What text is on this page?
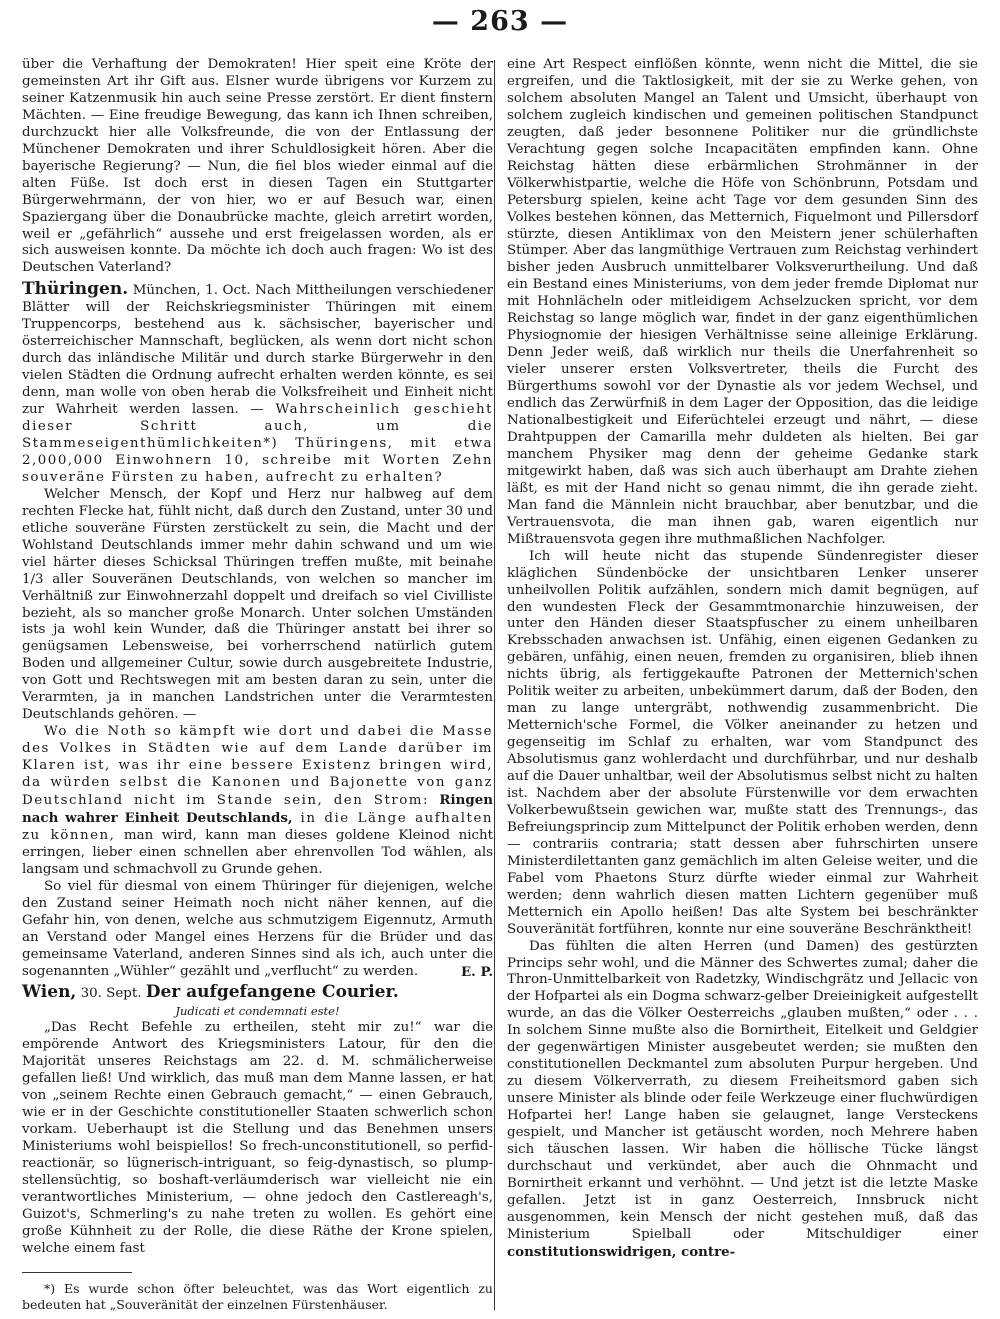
— 263 —

über die Verhaftung der Demokraten! Hier speit eine Kröte der gemeinsten Art ihr Gift aus. Elsner wurde übrigens vor Kurzem zu seiner Katzenmusik hin auch seine Presse zerstört. Er dient finstern Mächten. — Eine freudige Bewegung, das kann ich Ihnen schreiben, durchzuckt hier alle Volksfreunde, die von der Entlassung der Münchener Demokraten und ihrer Schuldlosigkeit hören. Aber die bayerische Regierung? — Nun, die fiel blos wieder einmal auf die alten Füße. Ist doch erst in diesen Tagen ein Stuttgarter Bürgerwehrmann, der von hier, wo er auf Besuch war, einen Spaziergang über die Donaubrücke machte, gleich arretirt worden, weil er „gefährlich“ aussehe und erst freigelassen worden, als er sich ausweisen konnte. Da möchte ich doch auch fragen: Wo ist des Deutschen Vaterland?

Thüringen. München, 1. Oct. Nach Mittheilungen verschiedener Blätter will der Reichskriegsminister Thüringen mit einem Truppencorps, bestehend aus k. sächsischer, bayerischer und österreichischer Mannschaft, beglücken, als wenn dort nicht schon durch das inländische Militär und durch starke Bürgerwehr in den vielen Städten die Ordnung aufrecht erhalten werden könnte, es sei denn, man wolle von oben herab die Volksfreiheit und Einheit nicht zur Wahrheit werden lassen. — Wahrscheinlich geschieht dieser Schritt auch, um die Stammeseigenthümlichkeiten*) Thüringens, mit etwa 2,000,000 Einwohnern 10, schreibe mit Worten Zehn souveräne Fürsten zu haben, aufrecht zu erhalten?

Welcher Mensch, der Kopf und Herz nur halbweg auf dem rechten Flecke hat, fühlt nicht, daß durch den Zustand, unter 30 und etliche souveräne Fürsten zerstückelt zu sein, die Macht und der Wohlstand Deutschlands immer mehr dahin schwand und um wie viel härter dieses Schicksal Thüringen treffen mußte, mit beinahe 1/3 aller Souveränen Deutschlands, von welchen so mancher im Verhältniß zur Einwohnerzahl doppelt und dreifach so viel Civilliste bezieht, als so mancher große Monarch. Unter solchen Umständen ists ja wohl kein Wunder, daß die Thüringer anstatt bei ihrer so genügsamen Lebensweise, bei vorherrschend natürlich gutem Boden und allgemeiner Cultur, sowie durch ausgebreitete Industrie, von Gott und Rechtswegen mit am besten daran zu sein, unter die Verarmten, ja in manchen Landstrichen unter die Verarmtesten Deutschlands gehören. —

Wo die Noth so kämpft wie dort und dabei die Masse des Volkes in Städten wie auf dem Lande darüber im Klaren ist, was ihr eine bessere Existenz bringen wird, da würden selbst die Kanonen und Bajonette von ganz Deutschland nicht im Stande sein, den Strom: Ringen nach wahrer Einheit Deutschlands, in die Länge aufhalten zu können, man wird, kann man dieses goldene Kleinod nicht erringen, lieber einen schnellen aber ehrenvollen Tod wählen, als langsam und schmachvoll zu Grunde gehen.

So viel für diesmal von einem Thüringer für diejenigen, welche den Zustand seiner Heimath noch nicht näher kennen, auf die Gefahr hin, von denen, welche aus schmutzigem Eigennutz, Armuth an Verstand oder Mangel eines Herzens für die Brüder und das gemeinsame Vaterland, anderen Sinnes sind als ich, auch unter die sogenannten „Wühler“ gezählt und „verflucht“ zu werden.	E. P.

Wien, 30. Sept. Der aufgefangene Courier.

Judicati et condemnati este!

„Das Recht Befehle zu ertheilen, steht mir zu!“ war die empörende Antwort des Kriegsministers Latour, für den die Majorität unseres Reichstags am 22. d. M. schmälicherweise gefallen ließ! Und wirklich, das muß man dem Manne lassen, er hat von „seinem Rechte einen Gebrauch gemacht,“ — einen Gebrauch, wie er in der Geschichte constitutioneller Staaten schwerlich schon vorkam. Ueberhaupt ist die Stellung und das Benehmen unsers Ministeriums wohl beispiellos! So frech-unconstitutionell, so perfid-reactionär, so lügnerisch-intriguant, so feig-dynastisch, so plump-stellensüchtig, so boshaft-verläumderisch war vielleicht nie ein verantwortliches Ministerium, — ohne jedoch den Castlereagh's, Guizot's, Schmerling's zu nahe treten zu wollen. Es gehört eine große Kühnheit zu der Rolle, die diese Räthe der Krone spielen, welche einem fast

*) Es wurde schon öfter beleuchtet, was das Wort eigentlich zu bedeuten hat „Souveränität der einzelnen Fürstenhäuser.

eine Art Respect einflößen könnte, wenn nicht die Mittel, die sie ergreifen, und die Taktlosigkeit, mit der sie zu Werke gehen, von solchem absoluten Mangel an Talent und Umsicht, überhaupt von solchem zugleich kindischen und gemeinen politischen Standpunct zeugten, daß jeder besonnene Politiker nur die gründlichste Verachtung gegen solche Incapacitäten empfinden kann. Ohne Reichstag hätten diese erbärmlichen Strohmänner in der Völkerwhistpartie, welche die Höfe von Schönbrunn, Potsdam und Petersburg spielen, keine acht Tage vor dem gesunden Sinn des Volkes bestehen können, das Metternich, Fiquelmont und Pillersdorf stürzte, diesen Antiklimax von den Meistern jener schülerhaften Stümper. Aber das langmüthige Vertrauen zum Reichstag verhindert bisher jeden Ausbruch unmittelbarer Volksverurtheilung. Und daß ein Bestand eines Ministeriums, von dem jeder fremde Diplomat nur mit Hohnlächeln oder mitleidigem Achselzucken spricht, vor dem Reichstag so lange möglich war, findet in der ganz eigenthümlichen Physiognomie der hiesigen Verhältnisse seine alleinige Erklärung. Denn Jeder weiß, daß wirklich nur theils die Unerfahrenheit so vieler unserer ersten Volksvertreter, theils die Furcht des Bürgerthums sowohl vor der Dynastie als vor jedem Wechsel, und endlich das Zerwürfniß in dem Lager der Opposition, das die leidige Nationalbestigkeit und Eiferüchtelei erzeugt und nährt, — diese Drahtpuppen der Camarilla mehr duldeten als hielten. Bei gar manchem Physiker mag denn der geheime Gedanke stark mitgewirkt haben, daß was sich auch überhaupt am Drahte ziehen läßt, es mit der Hand nicht so genau nimmt, die ihn gerade zieht. Man fand die Männlein nicht brauchbar, aber benutzbar, und die Vertrauensvota, die man ihnen gab, waren eigentlich nur Mißtrauensvota gegen ihre muthmaßlichen Nachfolger.

Ich will heute nicht das stupende Sündenregister dieser kläglichen Sündenböcke der unsichtbaren Lenker unserer unheilvollen Politik aufzählen, sondern mich damit begnügen, auf den wundesten Fleck der Gesammtmonarchie hinzuweisen, der unter den Händen dieser Staatspfuscher zu einem unheilbaren Krebsschaden anwachsen ist. Unfähig, einen eigenen Gedanken zu gebären, unfähig, einen neuen, fremden zu organisiren, blieb ihnen nichts übrig, als fertiggekaufte Patronen der Metternich'schen Politik weiter zu arbeiten, unbekümmert darum, daß der Boden, den man zu lange untergräbt, nothwendig zusammenbricht. Die Metternich'sche Formel, die Völker aneinander zu hetzen und gegenseitig im Schlaf zu erhalten, war vom Standpunct des Absolutismus ganz wohlerdacht und durchführbar, und nur deshalb auf die Dauer unhaltbar, weil der Absolutismus selbst nicht zu halten ist. Nachdem aber der absolute Fürstenwille vor dem erwachten Volkerbewußtsein gewichen war, mußte statt des Trennungs-, das Befreiungsprincip zum Mittelpunct der Politik erhoben werden, denn — contrariis contraria; statt dessen aber fuhrschirten unsere Ministerdilettanten ganz gemächlich im alten Geleise weiter, und die Fabel vom Phaetons Sturz dürfte wieder einmal zur Wahrheit werden; denn wahrlich diesen matten Lichtern gegenüber muß Metternich ein Apollo heißen! Das alte System bei beschränkter Souveränität fortführen, konnte nur eine souveräne Beschränktheit!

Das fühlten die alten Herren (und Damen) des gestürzten Princips sehr wohl, und die Männer des Schwertes zumal; daher die Thron-Unmittelbarkeit von Radetzky, Windischgrätz und Jellacic von der Hofpartei als ein Dogma schwarz-gelber Dreieinigkeit aufgestellt wurde, an das die Völker Oesterreichs „glauben mußten,“ oder . . . In solchem Sinne mußte also die Bornirtheit, Eitelkeit und Geldgier der gegenwärtigen Minister ausgebeutet werden; sie mußten den constitutionellen Deckmantel zum absoluten Purpur hergeben. Und zu diesem Völkerverrath, zu diesem Freiheitsmord gaben sich unsere Minister als blinde oder feile Werkzeuge einer fluchwürdigen Hofpartei her! Lange haben sie gelaugnet, lange Versteckens gespielt, und Mancher ist getäuscht worden, noch Mehrere haben sich täuschen lassen. Wir haben die höllische Tücke längst durchschaut und verkündet, aber auch die Ohnmacht und Bornirtheit erkannt und verhöhnt. — Und jetzt ist die letzte Maske gefallen. Jetzt ist in ganz Oesterreich, Innsbruck nicht ausgenommen, kein Mensch der nicht gestehen muß, daß das Ministerium Spielball oder Mitschuldiger einer constitutionswidrigen, contre-
